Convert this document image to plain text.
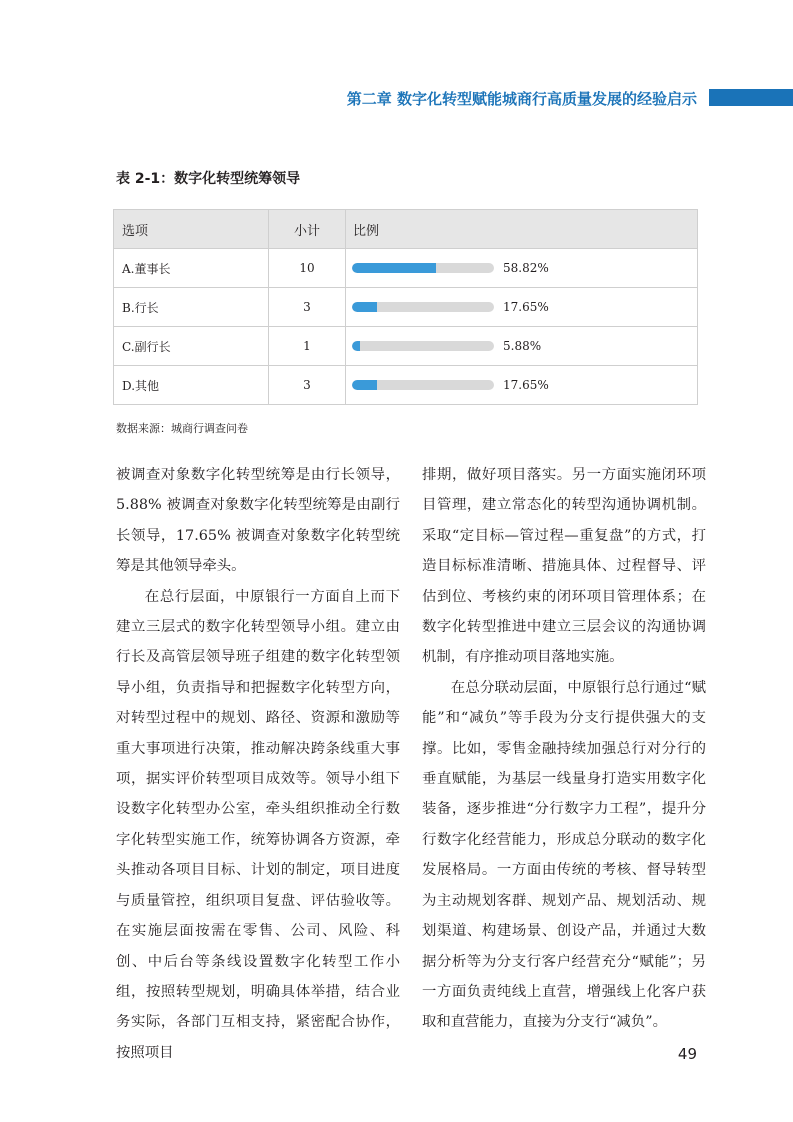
第二章 数字化转型赋能城商行高质量发展的经验启示
表 2-1：数字化转型统筹领导
选项	小计	比例
A.董事长	10	58.82%

B.行长	3	17.65%

C.副行长	1	5.88%

D.其他	3	17.65%
数据来源：城商行调查问卷

被调查对象数字化转型统筹是由行长领导，5.88% 被调查对象数字化转型统筹是由副行长领导，17.65% 被调查对象数字化转型统筹是其他领导牵头。

在总行层面，中原银行一方面自上而下建立三层式的数字化转型领导小组。建立由行长及高管层领导班子组建的数字化转型领导小组，负责指导和把握数字化转型方向，对转型过程中的规划、路径、资源和激励等重大事项进行决策，推动解决跨条线重大事项，据实评价转型项目成效等。领导小组下设数字化转型办公室，牵头组织推动全行数字化转型实施工作，统筹协调各方资源，牵头推动各项目目标、计划的制定，项目进度与质量管控，组织项目复盘、评估验收等。在实施层面按需在零售、公司、风险、科创、中后台等条线设置数字化转型工作小组，按照转型规划，明确具体举措，结合业务实际，各部门互相支持，紧密配合协作，按照项目

排期，做好项目落实。另一方面实施闭环项目管理，建立常态化的转型沟通协调机制。采取“定目标—管过程—重复盘”的方式，打造目标标准清晰、措施具体、过程督导、评估到位、考核约束的闭环项目管理体系；在数字化转型推进中建立三层会议的沟通协调机制，有序推动项目落地实施。

在总分联动层面，中原银行总行通过“赋能”和“减负”等手段为分支行提供强大的支撑。比如，零售金融持续加强总行对分行的垂直赋能，为基层一线量身打造实用数字化装备，逐步推进“分行数字力工程”，提升分行数字化经营能力，形成总分联动的数字化发展格局。一方面由传统的考核、督导转型为主动规划客群、规划产品、规划活动、规划渠道、构建场景、创设产品，并通过大数据分析等为分支行客户经营充分“赋能”；另一方面负责纯线上直营，增强线上化客户获取和直营能力，直接为分支行“减负”。

49
